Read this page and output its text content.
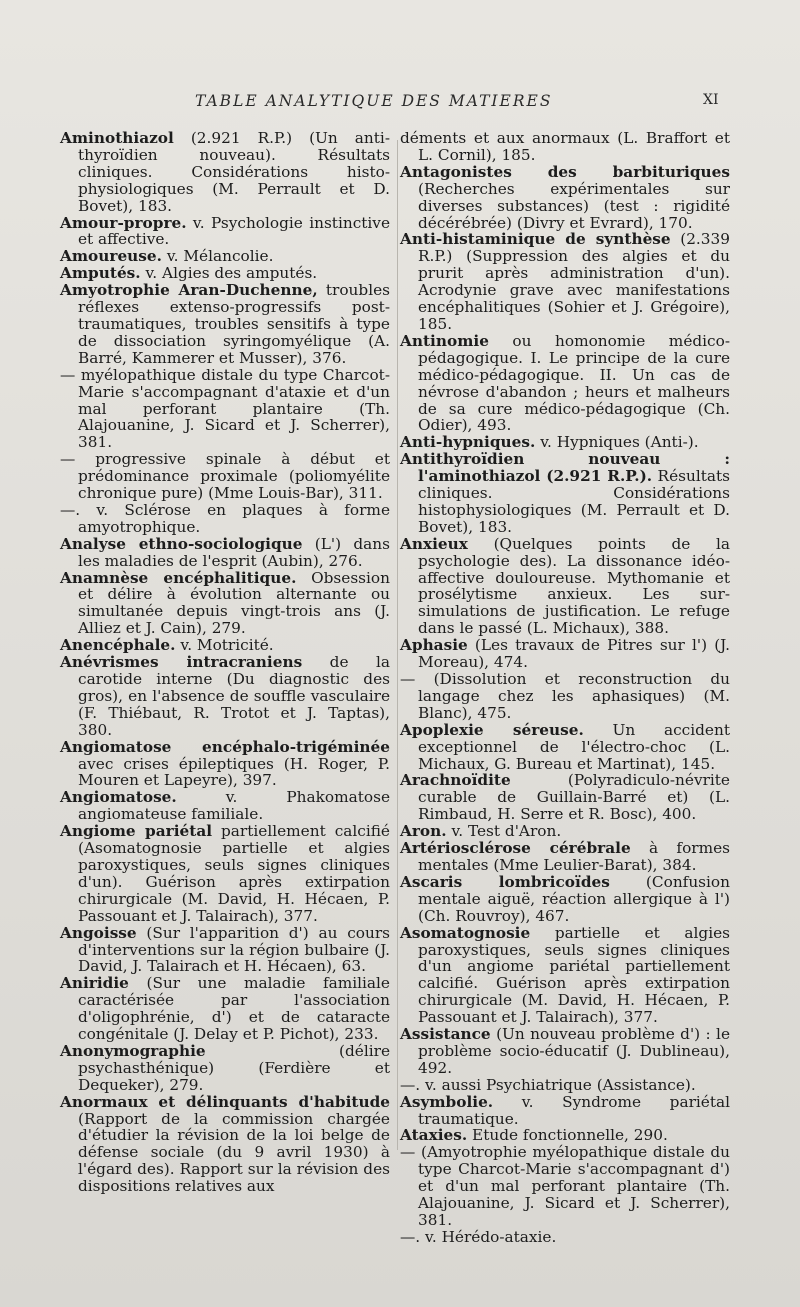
TABLE ANALYTIQUE DES MATIERES	XI

Aminothiazol (2.921 R.P.) (Un anti-thyroïdien nouveau). Résultats cliniques. Considérations histo-physiologiques (M. Perrault et D. Bovet), 183.

Amour-propre. v. Psychologie instinctive et affective.

Amoureuse. v. Mélancolie.

Amputés. v. Algies des amputés.

Amyotrophie Aran-Duchenne, troubles réflexes extenso-progressifs post-traumatiques, troubles sensitifs à type de dissociation syringomyélique (A. Barré, Kammerer et Musser), 376.

— myélopathique distale du type Charcot-Marie s'accompagnant d'ataxie et d'un mal perforant plantaire (Th. Alajouanine, J. Sicard et J. Scherrer), 381.

— progressive spinale à début et prédominance proximale (poliomyélite chronique pure) (Mme Louis-Bar), 311.

—. v. Sclérose en plaques à forme amyotrophique.

Analyse ethno-sociologique (L') dans les maladies de l'esprit (Aubin), 276.

Anamnèse encéphalitique. Obsession et délire à évolution alternante ou simultanée depuis vingt-trois ans (J. Alliez et J. Cain), 279.

Anencéphale. v. Motricité.

Anévrismes intracraniens de la carotide interne (Du diagnostic des gros), en l'absence de souffle vasculaire (F. Thiébaut, R. Trotot et J. Taptas), 380.

Angiomatose encéphalo-trigéminée avec crises épileptiques (H. Roger, P. Mouren et Lapeyre), 397.

Angiomatose. v. Phakomatose angiomateuse familiale.

Angiome pariétal partiellement calcifié (Asomatognosie partielle et algies paroxystiques, seuls signes cliniques d'un). Guérison après extirpation chirurgicale (M. David, H. Hécaen, P. Passouant et J. Talairach), 377.

Angoisse (Sur l'apparition d') au cours d'interventions sur la région bulbaire (J. David, J. Talairach et H. Hécaen), 63.

Aniridie (Sur une maladie familiale caractérisée par l'association d'oligophrénie, d') et de cataracte congénitale (J. Delay et P. Pichot), 233.

Anonymographie (délire psychasthénique) (Ferdière et Dequeker), 279.

Anormaux et délinquants d'habitude (Rapport de la commission chargée d'étudier la révision de la loi belge de défense sociale (du 9 avril 1930) à l'égard des). Rapport sur la révision des dispositions relatives aux

déments et aux anormaux (L. Braffort et L. Cornil), 185.

Antagonistes des barbituriques (Recherches expérimentales sur diverses substances) (test : rigidité décérébrée) (Divry et Evrard), 170.

Anti-histaminique de synthèse (2.339 R.P.) (Suppression des algies et du prurit après administration d'un). Acrodynie grave avec manifestations encéphalitiques (Sohier et J. Grégoire), 185.

Antinomie ou homonomie médico-pédagogique. I. Le principe de la cure médico-pédagogique. II. Un cas de névrose d'abandon ; heurs et malheurs de sa cure médico-pédagogique (Ch. Odier), 493.

Anti-hypniques. v. Hypniques (Anti-).

Antithyroïdien nouveau : l'aminothiazol (2.921 R.P.). Résultats cliniques. Considérations histophysiologiques (M. Perrault et D. Bovet), 183.

Anxieux (Quelques points de la psychologie des). La dissonance idéo-affective douloureuse. Mythomanie et prosélytisme anxieux. Les sur-simulations de justification. Le refuge dans le passé (L. Michaux), 388.

Aphasie (Les travaux de Pitres sur l') (J. Moreau), 474.

— (Dissolution et reconstruction du langage chez les aphasiques) (M. Blanc), 475.

Apoplexie séreuse. Un accident exceptionnel de l'électro-choc (L. Michaux, G. Bureau et Martinat), 145.

Arachnoïdite (Polyradiculo-névrite curable de Guillain-Barré et) (L. Rimbaud, H. Serre et R. Bosc), 400.

Aron. v. Test d'Aron.

Artériosclérose cérébrale à formes mentales (Mme Leulier-Barat), 384.

Ascaris lombricoïdes (Confusion mentale aiguë, réaction allergique à l') (Ch. Rouvroy), 467.

Asomatognosie partielle et algies paroxystiques, seuls signes cliniques d'un angiome pariétal partiellement calcifié. Guérison après extirpation chirurgicale (M. David, H. Hécaen, P. Passouant et J. Talairach), 377.

Assistance (Un nouveau problème d') : le problème socio-éducatif (J. Dublineau), 492.

—. v. aussi Psychiatrique (Assistance).

Asymbolie. v. Syndrome pariétal traumatique.

Ataxies. Etude fonctionnelle, 290.

— (Amyotrophie myélopathique distale du type Charcot-Marie s'accompagnant d') et d'un mal perforant plantaire (Th. Alajouanine, J. Sicard et J. Scherrer), 381.

—. v. Hérédo-ataxie.
